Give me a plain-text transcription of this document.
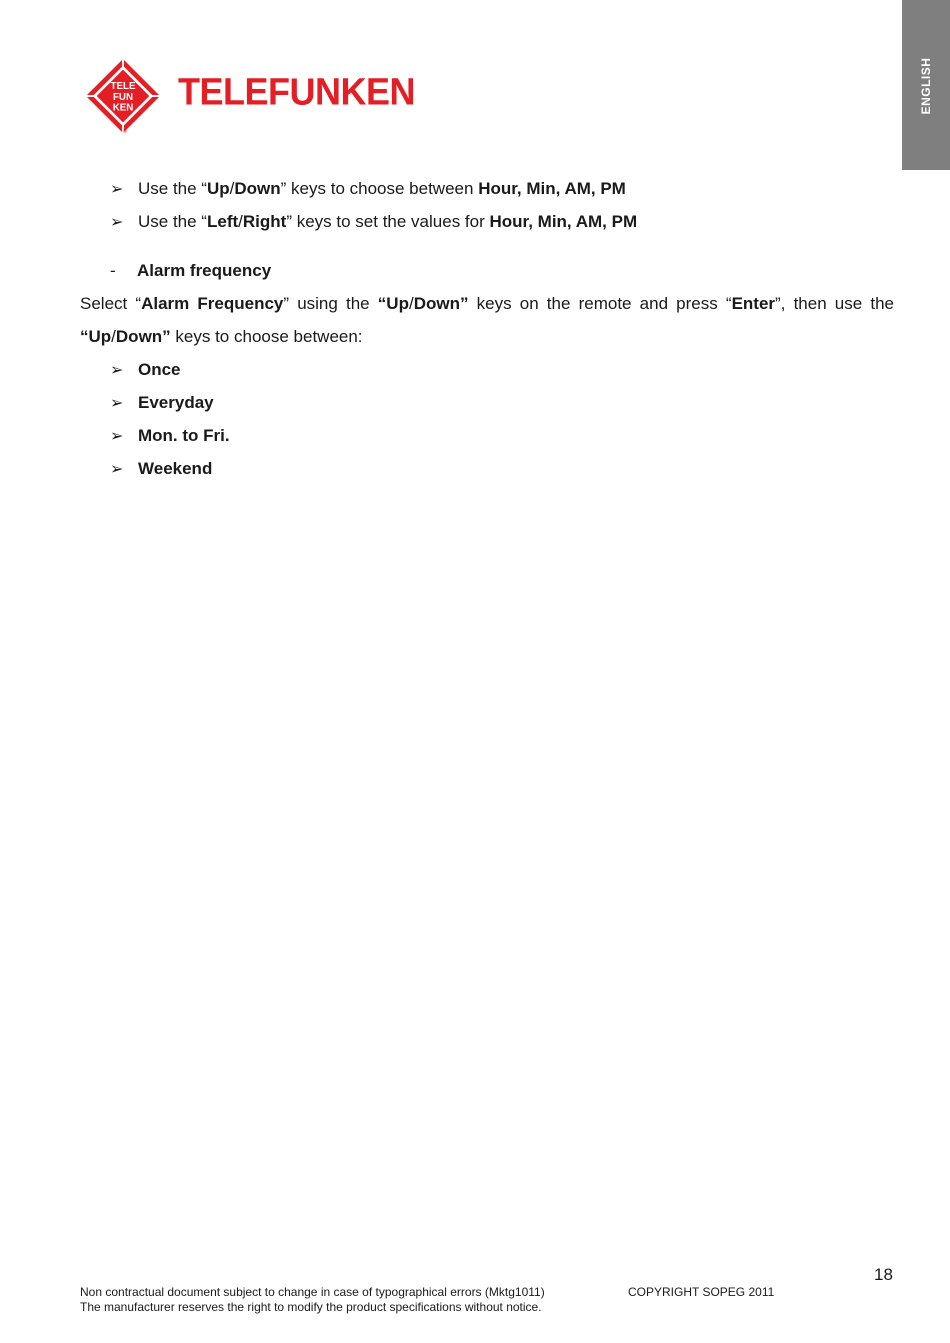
ENGLISH
TELE
FUN
KEN
®
TELEFUNKEN
➢ Use the “Up/Down” keys to choose between Hour, Min, AM, PM
➢ Use the “Left/Right” keys to set the values for Hour, Min, AM, PM
-	Alarm frequency
Select “Alarm Frequency” using the “Up/Down” keys on the remote and press “Enter”, then use the “Up/Down” keys to choose between:
➢ Once
➢ Everyday
➢ Mon. to Fri.
➢ Weekend
18
Non contractual document subject to change in case of typographical errors (Mktg1011)	COPYRIGHT SOPEG 2011
The manufacturer reserves the right to modify the product specifications without notice.
